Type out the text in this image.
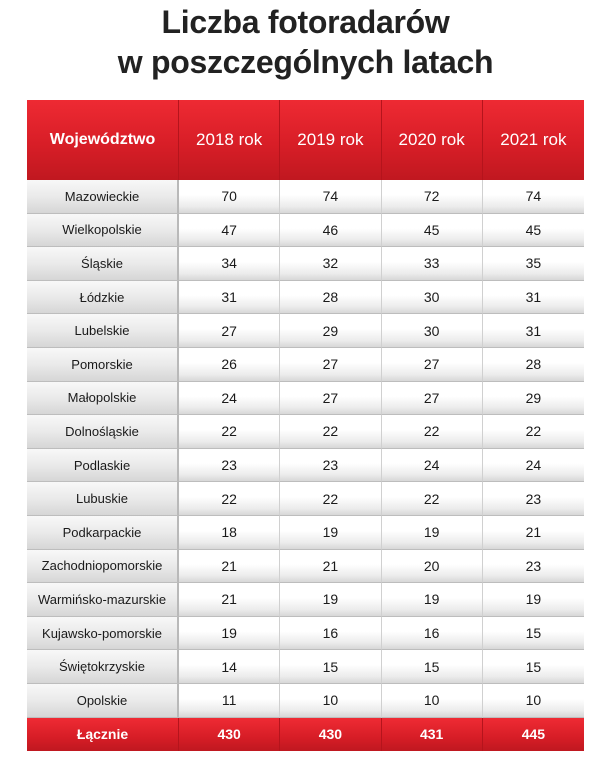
Liczba fotoradarów
w poszczególnych latach
Województwo	2018 rok	2019 rok	2020 rok	2021 rok
Mazowieckie	70	74	72	74
Wielkopolskie	47	46	45	45
Śląskie	34	32	33	35
Łódzkie	31	28	30	31
Lubelskie	27	29	30	31
Pomorskie	26	27	27	28
Małopolskie	24	27	27	29
Dolnośląskie	22	22	22	22
Podlaskie	23	23	24	24
Lubuskie	22	22	22	23
Podkarpackie	18	19	19	21
Zachodniopomorskie	21	21	20	23
Warmińsko-mazurskie	21	19	19	19
Kujawsko-pomorskie	19	16	16	15
Świętokrzyskie	14	15	15	15
Opolskie	11	10	10	10
Łącznie	430	430	431	445
